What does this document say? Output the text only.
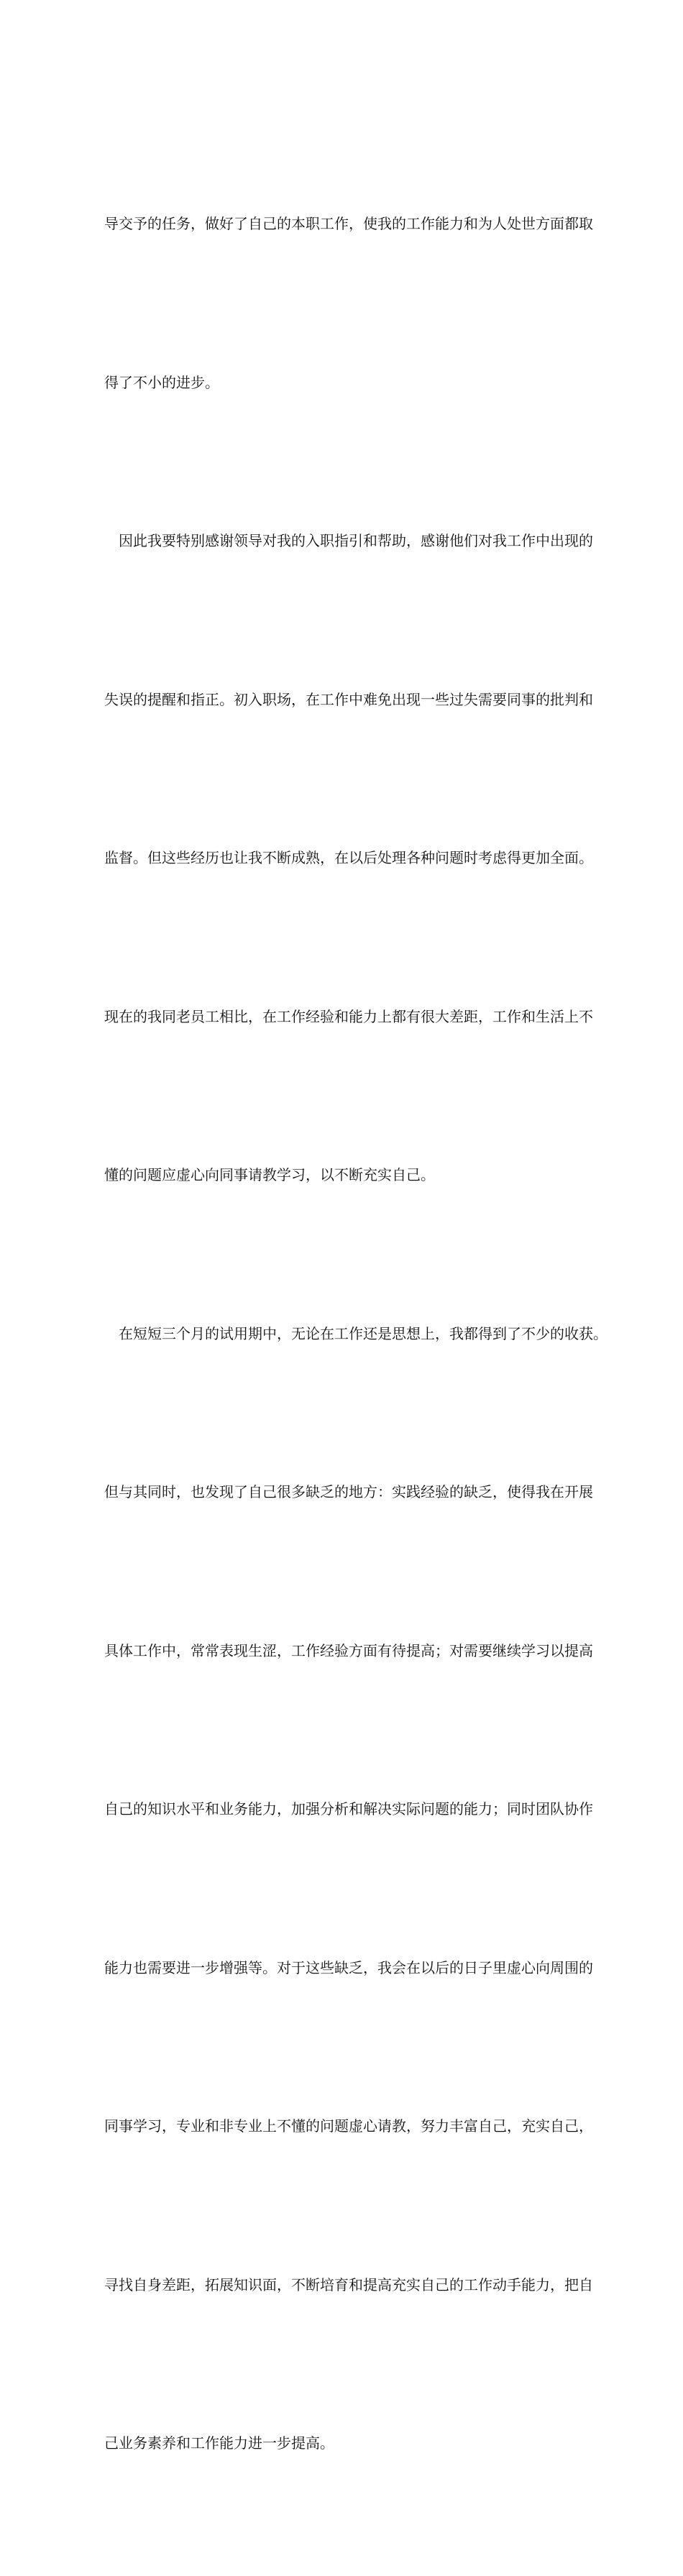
导交予的任务，做好了自己的本职工作，使我的工作能力和为人处世方面都取

得了不小的进步。

　因此我要特别感谢领导对我的入职指引和帮助，感谢他们对我工作中出现的

失误的提醒和指正。初入职场，在工作中难免出现一些过失需要同事的批判和

监督。但这些经历也让我不断成熟，在以后处理各种问题时考虑得更加全面。

现在的我同老员工相比，在工作经验和能力上都有很大差距，工作和生活上不

懂的问题应虚心向同事请教学习，以不断充实自己。

　在短短三个月的试用期中，无论在工作还是思想上，我都得到了不少的收获。

但与其同时，也发现了自己很多缺乏的地方：实践经验的缺乏，使得我在开展

具体工作中，常常表现生涩，工作经验方面有待提高；对需要继续学习以提高

自己的知识水平和业务能力，加强分析和解决实际问题的能力；同时团队协作

能力也需要进一步增强等。对于这些缺乏，我会在以后的日子里虚心向周围的

同事学习，专业和非专业上不懂的问题虚心请教，努力丰富自己，充实自己，

寻找自身差距，拓展知识面，不断培育和提高充实自己的工作动手能力，把自

己业务素养和工作能力进一步提高。
